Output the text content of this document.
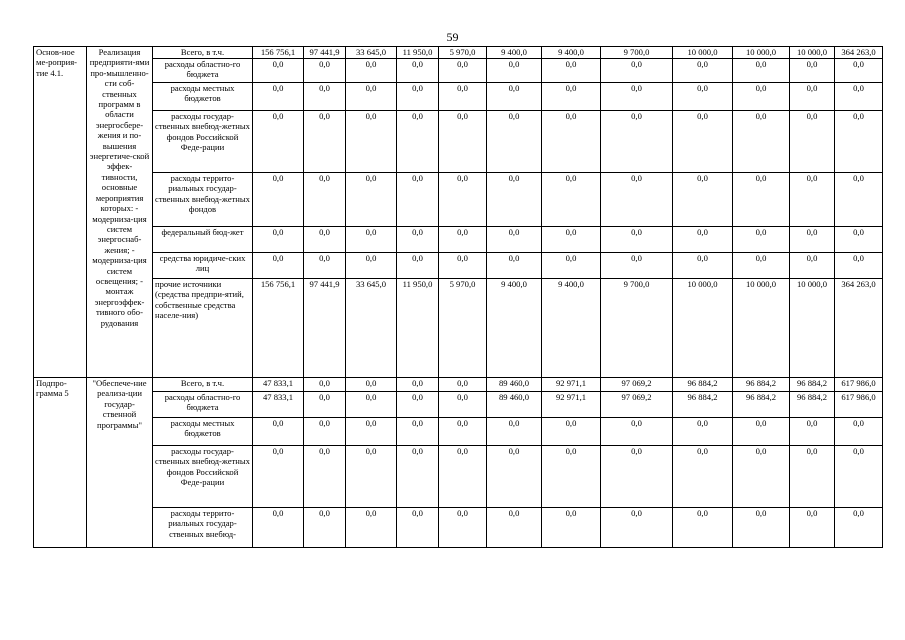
59
Основ-ное ме-роприя-тие 4.1.	Реализация предприяти-ями про-мышленно-сти соб-ственных программ в области энергосбере-жения и по-вышения энергетиче-ской эффек-тивности, основные мероприятия которых: - модерниза-ция систем энергоснаб-жения; - модерниза-ция систем освещения; - монтаж энергоэффек-тивного обо-рудования	Всего, в т.ч.	156 756,1	97 441,9	33 645,0	11 950,0	5 970,0	9 400,0	9 400,0	9 700,0	10 000,0	10 000,0	10 000,0	364 263,0
		расходы областно-го бюджета	0,0	0,0	0,0	0,0	0,0	0,0	0,0	0,0	0,0	0,0	0,0	0,0
		расходы местных бюджетов	0,0	0,0	0,0	0,0	0,0	0,0	0,0	0,0	0,0	0,0	0,0	0,0
		расходы государ-ственных внебюд-жетных фондов Российской Феде-рации	0,0	0,0	0,0	0,0	0,0	0,0	0,0	0,0	0,0	0,0	0,0	0,0
		расходы террито-риальных государ-ственных внебюд-жетных фондов	0,0	0,0	0,0	0,0	0,0	0,0	0,0	0,0	0,0	0,0	0,0	0,0
		федеральный бюд-жет	0,0	0,0	0,0	0,0	0,0	0,0	0,0	0,0	0,0	0,0	0,0	0,0
		средства юридиче-ских лиц	0,0	0,0	0,0	0,0	0,0	0,0	0,0	0,0	0,0	0,0	0,0	0,0
		прочие источники (средства предпри-ятий, собственные средства населе-ния)	156 756,1	97 441,9	33 645,0	11 950,0	5 970,0	9 400,0	9 400,0	9 700,0	10 000,0	10 000,0	10 000,0	364 263,0
Подпро-грамма 5	"Обеспече-ние реализа-ции государ-ственной программы"	Всего, в т.ч.	47 833,1	0,0	0,0	0,0	0,0	89 460,0	92 971,1	97 069,2	96 884,2	96 884,2	96 884,2	617 986,0
		расходы областно-го бюджета	47 833,1	0,0	0,0	0,0	0,0	89 460,0	92 971,1	97 069,2	96 884,2	96 884,2	96 884,2	617 986,0
		расходы местных бюджетов	0,0	0,0	0,0	0,0	0,0	0,0	0,0	0,0	0,0	0,0	0,0	0,0
		расходы государ-ственных внебюд-жетных фондов Российской Феде-рации	0,0	0,0	0,0	0,0	0,0	0,0	0,0	0,0	0,0	0,0	0,0	0,0
		расходы террито-риальных государ-ственных внебюд-	0,0	0,0	0,0	0,0	0,0	0,0	0,0	0,0	0,0	0,0	0,0	0,0
